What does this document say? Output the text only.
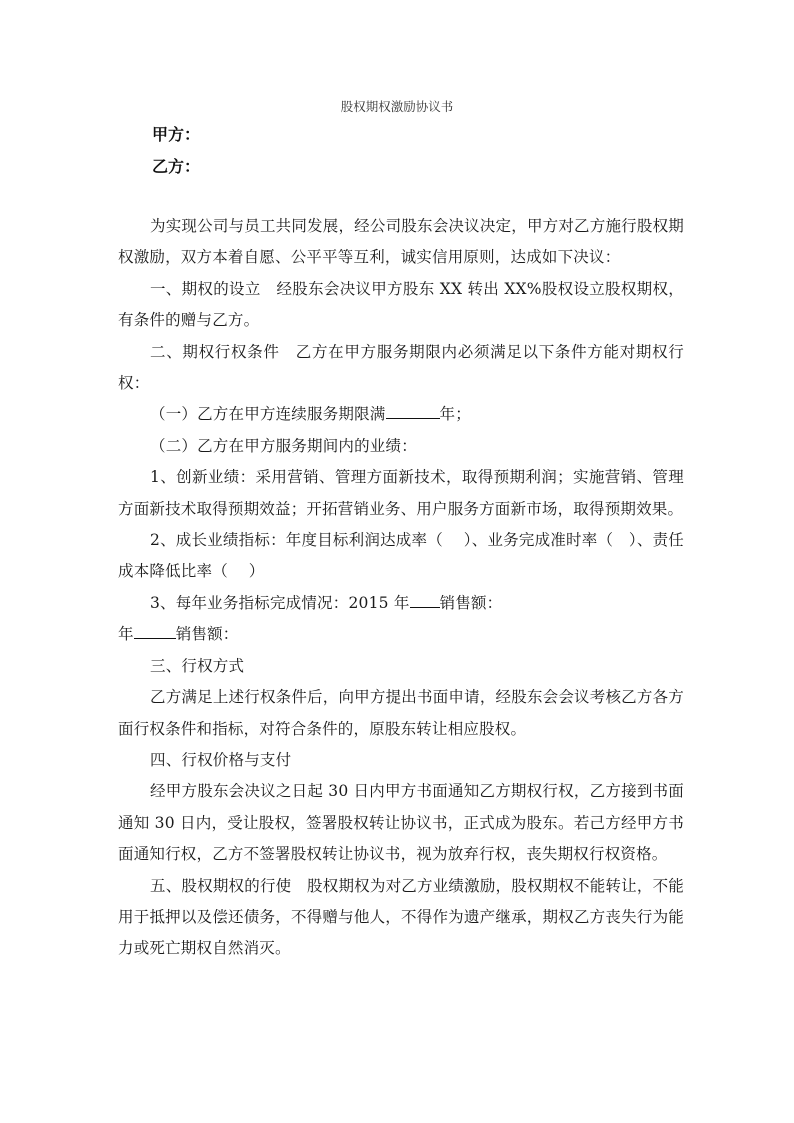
股权期权激励协议书
甲方：
乙方：

为实现公司与员工共同发展，经公司股东会决议决定，甲方对乙方施行股权期权激励，双方本着自愿、公平平等互利，诚实信用原则，达成如下决议：

一、期权的设立　经股东会决议甲方股东 XX 转出 XX%股权设立股权期权，有条件的赠与乙方。

二、期权行权条件　乙方在甲方服务期限内必须满足以下条件方能对期权行权：

（一）乙方在甲方连续服务期限满	年；

（二）乙方在甲方服务期间内的业绩：

1、创新业绩：采用营销、管理方面新技术，取得预期利润；实施营销、管理方面新技术取得预期效益；开拓营销业务、用户服务方面新市场，取得预期效果。

2、成长业绩指标：年度目标利润达成率（　 ）、业务完成准时率（　）、责任成本降低比率（　 ）

3、每年业务指标完成情况：2015 年 销售额：

年	销售额：

三、行权方式

乙方满足上述行权条件后，向甲方提出书面申请，经股东会会议考核乙方各方面行权条件和指标，对符合条件的，原股东转让相应股权。

四、行权价格与支付

经甲方股东会决议之日起 30 日内甲方书面通知乙方期权行权，乙方接到书面通知 30 日内，受让股权，签署股权转让协议书，正式成为股东。若己方经甲方书面通知行权，乙方不签署股权转让协议书，视为放弃行权，丧失期权行权资格。

五、股权期权的行使　股权期权为对乙方业绩激励，股权期权不能转让，不能用于抵押以及偿还债务，不得赠与他人，不得作为遗产继承，期权乙方丧失行为能力或死亡期权自然消灭。
